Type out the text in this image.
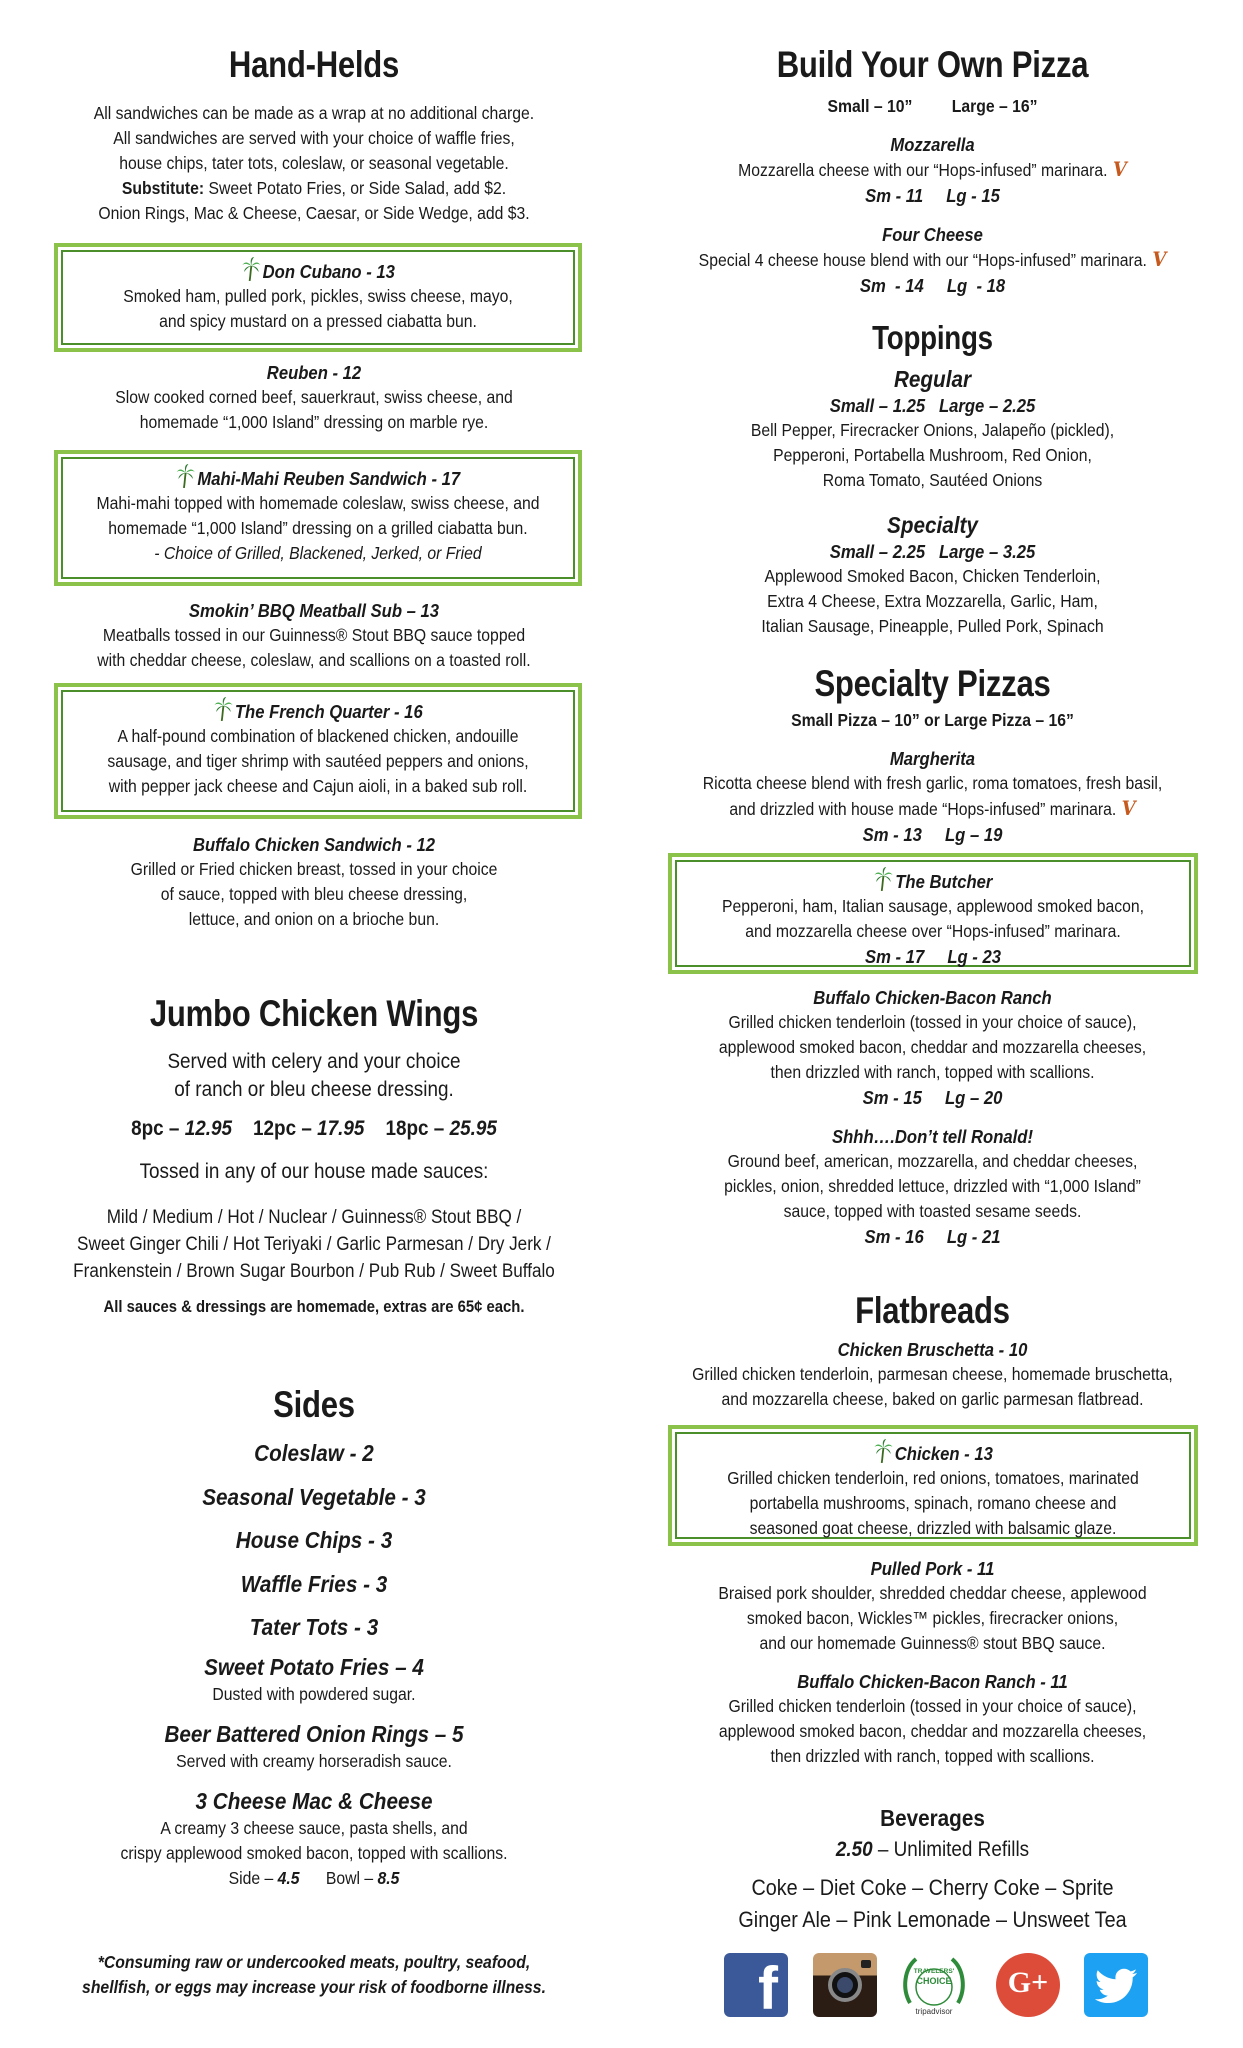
Hand-Helds
All sandwiches can be made as a wrap at no additional charge.
All sandwiches are served with your choice of waffle fries,
house chips, tater tots, coleslaw, or seasonal vegetable.
Substitute: Sweet Potato Fries, or Side Salad, add $2.
Onion Rings, Mac & Cheese, Caesar, or Side Wedge, add $3.
Don Cubano - 13
Smoked ham, pulled pork, pickles, swiss cheese, mayo,
and spicy mustard on a pressed ciabatta bun.
Reuben - 12
Slow cooked corned beef, sauerkraut, swiss cheese, and
homemade “1,000 Island” dressing on marble rye.
Mahi-Mahi Reuben Sandwich - 17
Mahi-mahi topped with homemade coleslaw, swiss cheese, and
homemade “1,000 Island” dressing on a grilled ciabatta bun.
- Choice of Grilled, Blackened, Jerked, or Fried
Smokin’ BBQ Meatball Sub – 13
Meatballs tossed in our Guinness® Stout BBQ sauce topped
with cheddar cheese, coleslaw, and scallions on a toasted roll.
The French Quarter - 16
A half-pound combination of blackened chicken, andouille
sausage, and tiger shrimp with sautéed peppers and onions,
with pepper jack cheese and Cajun aioli, in a baked sub roll.
Buffalo Chicken Sandwich - 12
Grilled or Fried chicken breast, tossed in your choice
of sauce, topped with bleu cheese dressing,
lettuce, and onion on a brioche bun.
Jumbo Chicken Wings
Served with celery and your choice
of ranch or bleu cheese dressing.
8pc – 12.95 12pc – 17.95 18pc – 25.95
Tossed in any of our house made sauces:
Mild / Medium / Hot / Nuclear / Guinness® Stout BBQ /
Sweet Ginger Chili / Hot Teriyaki / Garlic Parmesan / Dry Jerk /
Frankenstein / Brown Sugar Bourbon / Pub Rub / Sweet Buffalo
All sauces & dressings are homemade, extras are 65¢ each.
Sides
Coleslaw - 2
Seasonal Vegetable - 3
House Chips - 3
Waffle Fries - 3
Tater Tots - 3
Sweet Potato Fries – 4
Dusted with powdered sugar.
Beer Battered Onion Rings – 5
Served with creamy horseradish sauce.
3 Cheese Mac & Cheese
A creamy 3 cheese sauce, pasta shells, and
crispy applewood smoked bacon, topped with scallions.
Side – 4.5 Bowl – 8.5
*Consuming raw or undercooked meats, poultry, seafood,
shellfish, or eggs may increase your risk of foodborne illness.
Build Your Own Pizza
Small – 10” Large – 16”
Mozzarella
Mozzarella cheese with our “Hops-infused” marinara. V
Sm - 11     Lg - 15
Four Cheese
Special 4 cheese house blend with our “Hops-infused” marinara. V
Sm  - 14     Lg  - 18
Toppings
Regular
Small – 1.25   Large – 2.25
Bell Pepper, Firecracker Onions, Jalapeño (pickled),
Pepperoni, Portabella Mushroom, Red Onion,
Roma Tomato, Sautéed Onions
Specialty
Small – 2.25   Large – 3.25
Applewood Smoked Bacon, Chicken Tenderloin,
Extra 4 Cheese, Extra Mozzarella, Garlic, Ham,
Italian Sausage, Pineapple, Pulled Pork, Spinach
Specialty Pizzas
Small Pizza – 10” or Large Pizza – 16”
Margherita
Ricotta cheese blend with fresh garlic, roma tomatoes, fresh basil,
and drizzled with house made “Hops-infused” marinara. V
Sm - 13     Lg – 19
The Butcher
Pepperoni, ham, Italian sausage, applewood smoked bacon,
and mozzarella cheese over “Hops-infused” marinara.
Sm - 17     Lg - 23
Buffalo Chicken-Bacon Ranch
Grilled chicken tenderloin (tossed in your choice of sauce),
applewood smoked bacon, cheddar and mozzarella cheeses,
then drizzled with ranch, topped with scallions.
Sm - 15     Lg – 20
Shhh….Don’t tell Ronald!
Ground beef, american, mozzarella, and cheddar cheeses,
pickles, onion, shredded lettuce, drizzled with “1,000 Island”
sauce, topped with toasted sesame seeds.
Sm - 16     Lg - 21
Flatbreads
Chicken Bruschetta - 10
Grilled chicken tenderloin, parmesan cheese, homemade bruschetta,
and mozzarella cheese, baked on garlic parmesan flatbread.
Chicken - 13
Grilled chicken tenderloin, red onions, tomatoes, marinated
portabella mushrooms, spinach, romano cheese and
seasoned goat cheese, drizzled with balsamic glaze.
Pulled Pork - 11
Braised pork shoulder, shredded cheddar cheese, applewood
smoked bacon, Wickles™ pickles, firecracker onions,
and our homemade Guinness® stout BBQ sauce.
Buffalo Chicken-Bacon Ranch - 11
Grilled chicken tenderloin (tossed in your choice of sauce),
applewood smoked bacon, cheddar and mozzarella cheeses,
then drizzled with ranch, topped with scallions.
Beverages
2.50 – Unlimited Refills
Coke – Diet Coke – Cherry Coke – Sprite
Ginger Ale – Pink Lemonade – Unsweet Tea
f	TRAVELERS'
CHOICE
tripadvisor
G+
